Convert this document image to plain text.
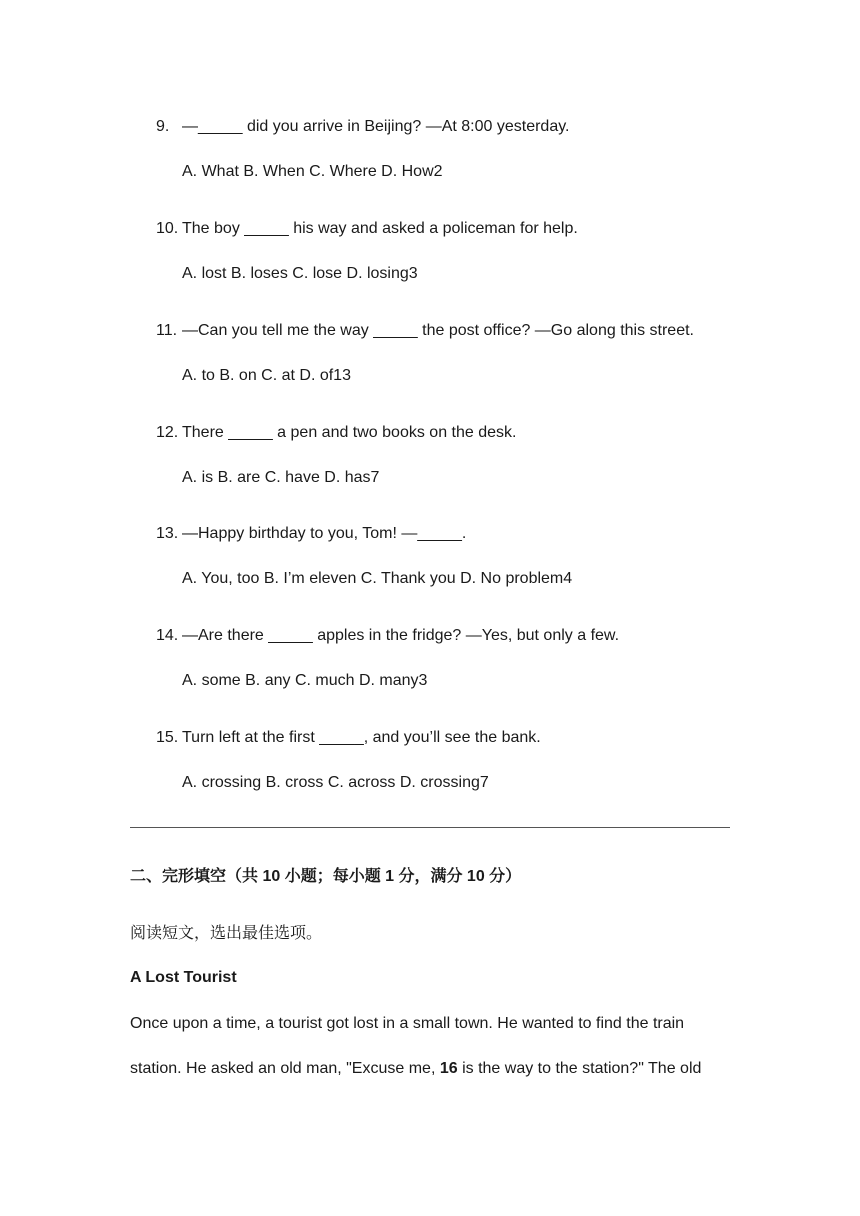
9. —_____ did you arrive in Beijing? —At 8:00 yesterday.
A. What B. When C. Where D. How2
10. The boy _____ his way and asked a policeman for help.
A. lost B. loses C. lose D. losing3
11. —Can you tell me the way _____ the post office? —Go along this street.
A. to B. on C. at D. of13
12. There _____ a pen and two books on the desk.
A. is B. are C. have D. has7
13. —Happy birthday to you, Tom! —_____.
A. You, too B. I’m eleven C. Thank you D. No problem4
14. —Are there _____ apples in the fridge? —Yes, but only a few.
A. some B. any C. much D. many3
15. Turn left at the first _____, and you’ll see the bank.
A. crossing B. cross C. across D. crossing7
二、完形填空（共 10 小题；每小题 1 分，满分 10 分）
阅读短文，选出最佳选项。
A Lost Tourist
Once upon a time, a tourist got lost in a small town. He wanted to find the train
station. He asked an old man, "Excuse me, 16 is the way to the station?" The old
